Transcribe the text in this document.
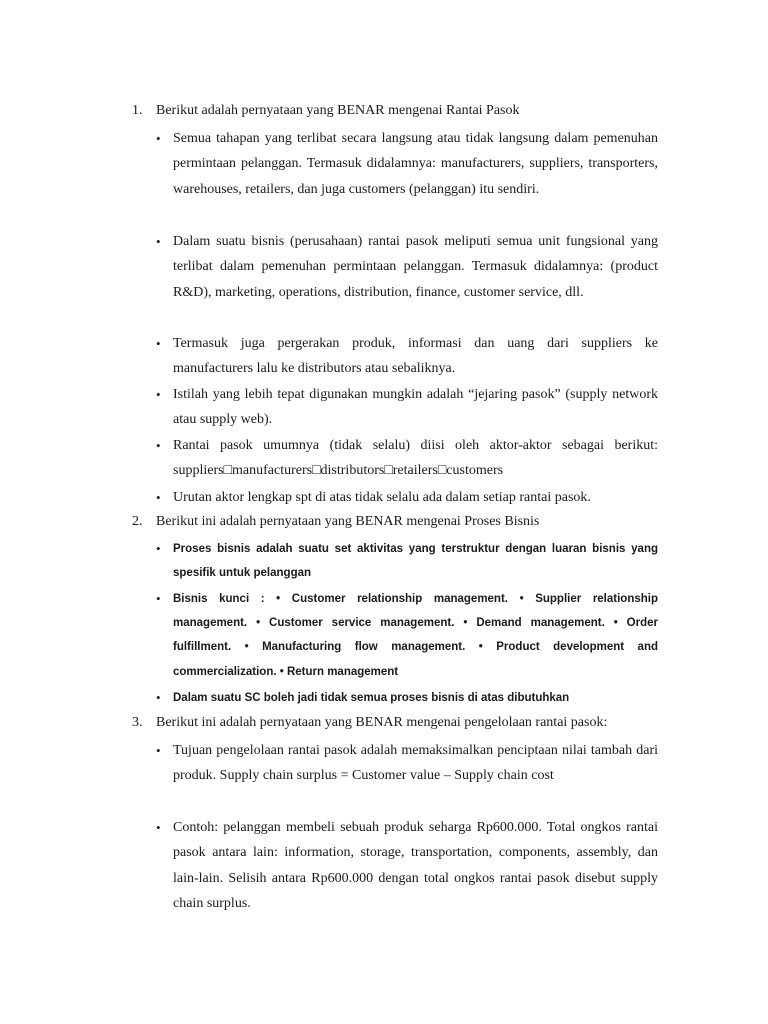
1. Berikut adalah pernyataan yang BENAR mengenai Rantai Pasok
• Semua tahapan yang terlibat secara langsung atau tidak langsung dalam pemenuhan permintaan pelanggan. Termasuk didalamnya: manufacturers, suppliers, transporters, warehouses, retailers, dan juga customers (pelanggan) itu sendiri.
• Dalam suatu bisnis (perusahaan) rantai pasok meliputi semua unit fungsional yang terlibat dalam pemenuhan permintaan pelanggan. Termasuk didalamnya: (product R&D), marketing, operations, distribution, finance, customer service, dll.
• Termasuk juga pergerakan produk, informasi dan uang dari suppliers ke manufacturers lalu ke distributors atau sebaliknya.
• Istilah yang lebih tepat digunakan mungkin adalah “jejaring pasok” (supply network atau supply web).
• Rantai pasok umumnya (tidak selalu) diisi oleh aktor-aktor sebagai berikut: suppliers□manufacturers□distributors□retailers□customers
• Urutan aktor lengkap spt di atas tidak selalu ada dalam setiap rantai pasok.
2. Berikut ini adalah pernyataan yang BENAR mengenai Proses Bisnis
• Proses bisnis adalah suatu set aktivitas yang terstruktur dengan luaran bisnis yang spesifik untuk pelanggan
• Bisnis kunci : • Customer relationship management. • Supplier relationship management. • Customer service management. • Demand management. • Order fulfillment. • Manufacturing flow management. • Product development and commercialization. • Return management
• Dalam suatu SC boleh jadi tidak semua proses bisnis di atas dibutuhkan
3. Berikut ini adalah pernyataan yang BENAR mengenai pengelolaan rantai pasok:
• Tujuan pengelolaan rantai pasok adalah memaksimalkan penciptaan nilai tambah dari produk. Supply chain surplus = Customer value – Supply chain cost
• Contoh: pelanggan membeli sebuah produk seharga Rp600.000. Total ongkos rantai pasok antara lain: information, storage, transportation, components, assembly, dan lain-lain. Selisih antara Rp600.000 dengan total ongkos rantai pasok disebut supply chain surplus.
